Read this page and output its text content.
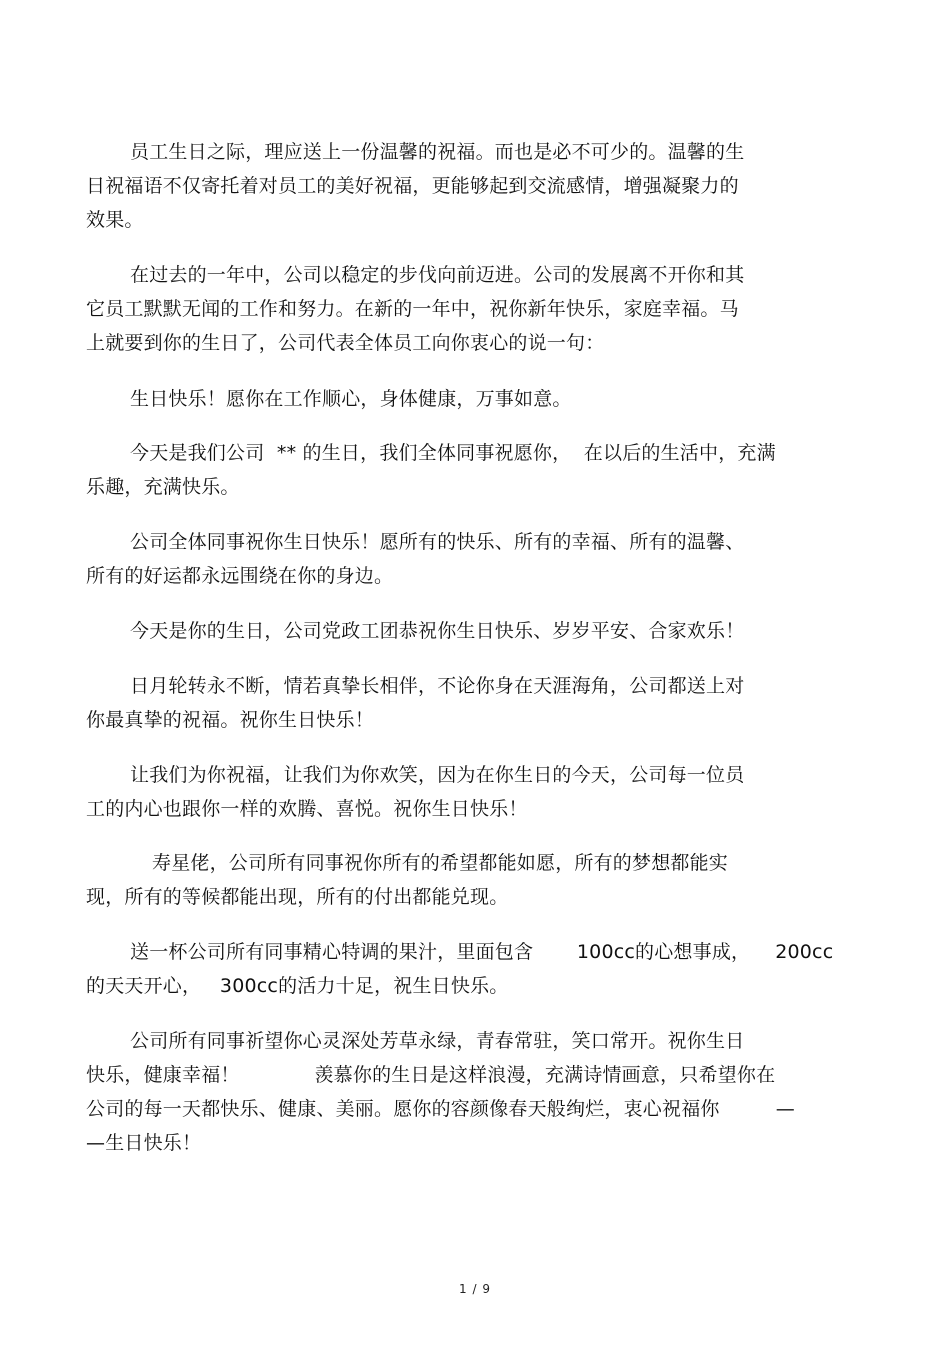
员工生日之际，理应送上一份温馨的祝福。而也是必不可少的。温馨的生
日祝福语不仅寄托着对员工的美好祝福，更能够起到交流感情，增强凝聚力的
效果。
在过去的一年中，公司以稳定的步伐向前迈进。公司的发展离不开你和其
它员工默默无闻的工作和努力。在新的一年中，祝你新年快乐，家庭幸福。马
上就要到你的生日了，公司代表全体员工向你衷心的说一句：
生日快乐！愿你在工作顺心，身体健康，万事如意。
今天是我们公司  ** 的生日，我们全体同事祝愿你，  在以后的生活中，充满
乐趣，充满快乐。
公司全体同事祝你生日快乐！愿所有的快乐、所有的幸福、所有的温馨、
所有的好运都永远围绕在你的身边。
今天是你的生日，公司党政工团恭祝你生日快乐、岁岁平安、合家欢乐！
日月轮转永不断，情若真挚长相伴，不论你身在天涯海角，公司都送上对
你最真挚的祝福。祝你生日快乐！
让我们为你祝福，让我们为你欢笑，因为在你生日的今天，公司每一位员
工的内心也跟你一样的欢腾、喜悦。祝你生日快乐！
寿星佬，公司所有同事祝你所有的希望都能如愿，所有的梦想都能实
现，所有的等候都能出现，所有的付出都能兑现。
送一杯公司所有同事精心特调的果汁，里面包含       100cc的心想事成，    200cc
的天天开心，   300cc的活力十足，祝生日快乐。
公司所有同事祈望你心灵深处芳草永绿，青春常驻，笑口常开。祝你生日
快乐，健康幸福！            羡慕你的生日是这样浪漫，充满诗情画意，只希望你在
公司的每一天都快乐、健康、美丽。愿你的容颜像春天般绚烂，衷心祝福你         —
—生日快乐！
1 / 9
